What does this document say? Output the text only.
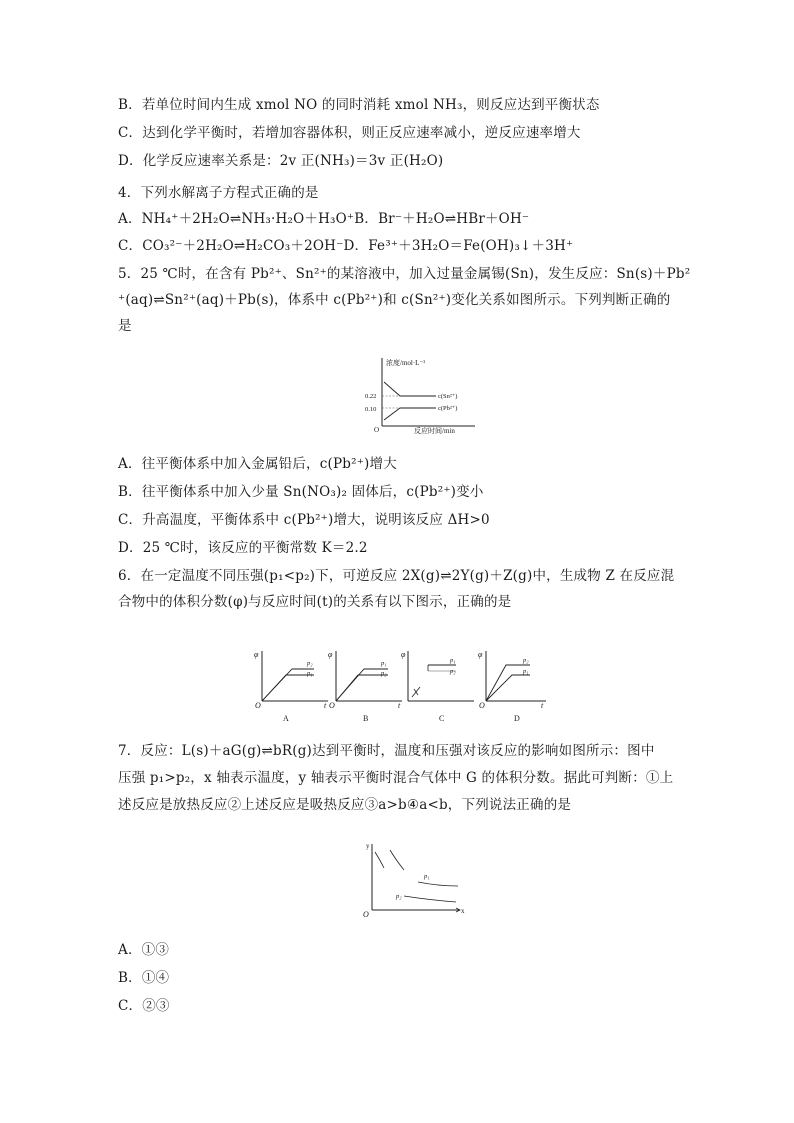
B．若单位时间内生成 xmol NO 的同时消耗 xmol NH₃，则反应达到平衡状态
C．达到化学平衡时，若增加容器体积，则正反应速率减小，逆反应速率增大
D．化学反应速率关系是：2v 正(NH₃)＝3v 正(H₂O)
4．下列水解离子方程式正确的是
A．NH₄⁺＋2H₂O⇌NH₃·H₂O＋H₃O⁺B．Br⁻＋H₂O⇌HBr＋OH⁻
C．CO₃²⁻＋2H₂O⇌H₂CO₃＋2OH⁻D．Fe³⁺＋3H₂O＝Fe(OH)₃↓＋3H⁺
5．25 ℃时，在含有 Pb²⁺、Sn²⁺的某溶液中，加入过量金属锡(Sn)，发生反应：Sn(s)＋Pb²
⁺(aq)⇌Sn²⁺(aq)＋Pb(s)，体系中 c(Pb²⁺)和 c(Sn²⁺)变化关系如图所示。下列判断正确的
是
浓度/mol·L⁻¹
反应时间/min
O
0.22
0.10
c(Sn²⁺)
c(Pb²⁺)
A．往平衡体系中加入金属铅后，c(Pb²⁺)增大
B．往平衡体系中加入少量 Sn(NO₃)₂ 固体后，c(Pb²⁺)变小
C．升高温度，平衡体系中 c(Pb²⁺)增大，说明该反应 ΔH>0
D．25 ℃时，该反应的平衡常数 K＝2.2
6．在一定温度不同压强(p₁<p₂)下，可逆反应 2X(g)⇌2Y(g)＋Z(g)中，生成物 Z 在反应混
合物中的体积分数(φ)与反应时间(t)的关系有以下图示，正确的是
φ
O	t
p₂
p₁
A
φ
O	t
p₁
p₂
B
φ
p₁
p₂
C
φ
O	t
p₂
p₁
D
7．反应：L(s)＋aG(g)⇌bR(g)达到平衡时，温度和压强对该反应的影响如图所示：图中
压强 p₁>p₂，x 轴表示温度，y 轴表示平衡时混合气体中 G 的体积分数。据此可判断：①上
述反应是放热反应②上述反应是吸热反应③a>b④a<b，下列说法正确的是
y
x
O
p₁
p₂
A．①③
B．①④
C．②③
